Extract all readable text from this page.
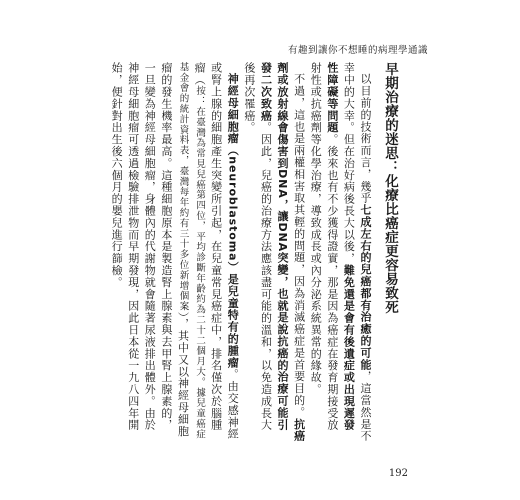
有趣到讓你不想睡的病理學通識
早期治療的迷思：化療比癌症更容易致死

以目前的技術而言，幾乎七成左右的兒癌都有治癒的可能，這當然是不幸中的大幸。但在治好病後長大以後，難免還是會有後遺症或出現遲發性障礙等問題。後來也有不少獲得證實，那是因為癌症在發育期接受放射性或抗癌劑等化學治療，導致成長或內分泌系統異常的緣故。

不過，這也是兩權相害取其輕的問題，因為消滅癌症是首要目的。抗癌劑或放射線會傷害到DNA，讓DNA突變，也就是說抗癌的治療可能引發二次致癌。因此，兒癌的治療方法應該盡可能的溫和，以免造成長大後再次罹癌。

神經母細胞瘤（neuroblastoma）是兒童特有的腫瘤。由交感神經或腎上腺的細胞產生突變所引起，在兒童常見癌症中，排名僅次於腦腫瘤（按：在臺灣為常見兒癌第四位，平均診斷年齡約為二十二個月大。據兒童癌症基金會的統計資料表，臺灣每年約有三十多位新增個案），其中又以神經母細胞瘤的發生機率最高。這種細胞原本是製造腎上腺素與去甲腎上腺素的，一旦變為神經母細胞瘤，身體內的代謝物就會隨著尿液排出體外。由於神經母細胞瘤可透過檢驗排泄物而早期發現，因此日本從一九八四年開始，便針對出生後六個月的嬰兒進行篩檢。

192
